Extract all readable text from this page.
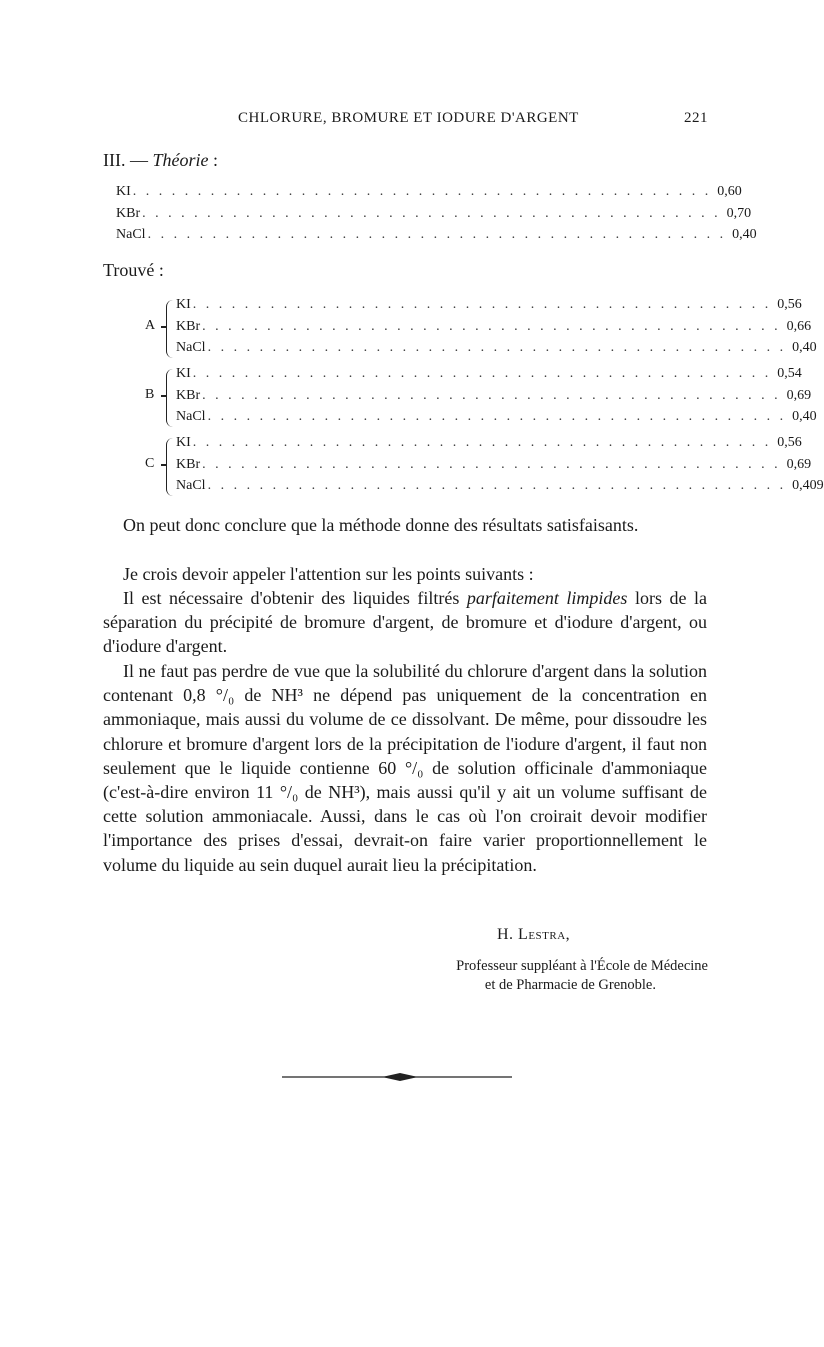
CHLORURE, BROMURE ET IODURE D'ARGENT	221
III. — Théorie :
KI . . . . . . . . . . . . . . . . . . . . . . . . . . . . . . . . . . . . . . . . . . . . . 0,60
KBr . . . . . . . . . . . . . . . . . . . . . . . . . . . . . . . . . . . . . . . . . . . . . 0,70
NaCl . . . . . . . . . . . . . . . . . . . . . . . . . . . . . . . . . . . . . . . . . . . . . 0,40
Trouvé :
A
KI . . . . . . . . . . . . . . . . . . . . . . . . . . . . . . . . . . . . . . . . . . . . . 0,56
KBr . . . . . . . . . . . . . . . . . . . . . . . . . . . . . . . . . . . . . . . . . . . . . 0,66
NaCl . . . . . . . . . . . . . . . . . . . . . . . . . . . . . . . . . . . . . . . . . . . . . 0,40
B
KI . . . . . . . . . . . . . . . . . . . . . . . . . . . . . . . . . . . . . . . . . . . . . 0,54
KBr . . . . . . . . . . . . . . . . . . . . . . . . . . . . . . . . . . . . . . . . . . . . . 0,69
NaCl . . . . . . . . . . . . . . . . . . . . . . . . . . . . . . . . . . . . . . . . . . . . . 0,40
C
KI . . . . . . . . . . . . . . . . . . . . . . . . . . . . . . . . . . . . . . . . . . . . . 0,56
KBr . . . . . . . . . . . . . . . . . . . . . . . . . . . . . . . . . . . . . . . . . . . . . 0,69
NaCl . . . . . . . . . . . . . . . . . . . . . . . . . . . . . . . . . . . . . . . . . . . . . 0,409

On peut donc conclure que la méthode donne des résultats satisfaisants.

Je crois devoir appeler l'attention sur les points suivants :

Il est nécessaire d'obtenir des liquides filtrés parfaitement limpides lors de la séparation du précipité de bromure d'argent, de bromure et d'iodure d'argent, ou d'iodure d'argent.

Il ne faut pas perdre de vue que la solubilité du chlorure d'argent dans la solution contenant 0,8 °/₀ de NH³ ne dépend pas uniquement de la concentration en ammoniaque, mais aussi du volume de ce dissolvant. De même, pour dissoudre les chlorure et bromure d'argent lors de la précipitation de l'iodure d'argent, il faut non seulement que le liquide contienne 60 °/₀ de solution officinale d'ammoniaque (c'est-à-dire environ 11 °/₀ de NH³), mais aussi qu'il y ait un volume suffisant de cette solution ammoniacale. Aussi, dans le cas où l'on croirait devoir modifier l'importance des prises d'essai, devrait-on faire varier proportionnellement le volume du liquide au sein duquel aurait lieu la précipitation.

H. Lestra,
Professeur suppléant à l'École de Médecine
et de Pharmacie de Grenoble.
